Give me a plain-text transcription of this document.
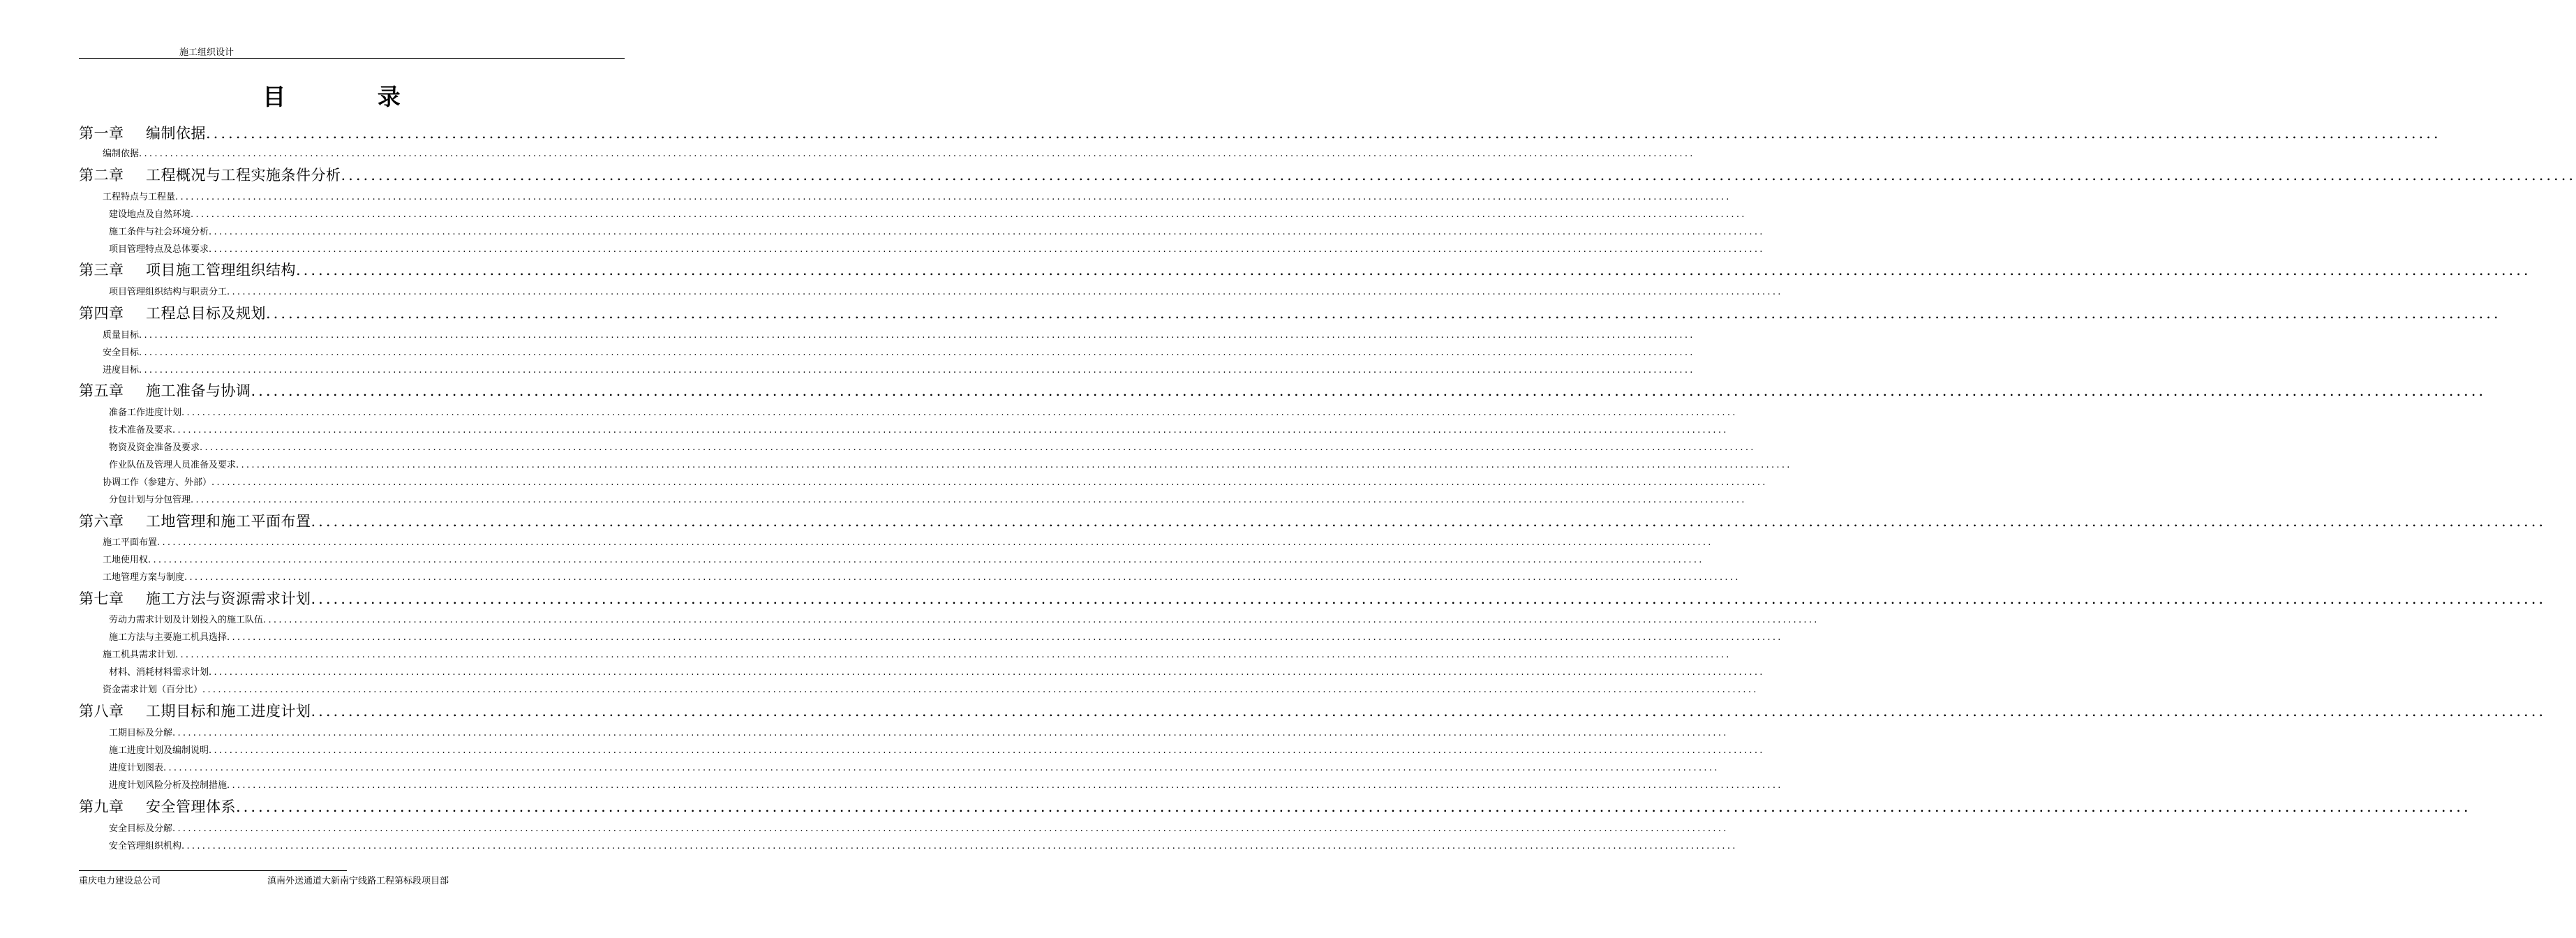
施工组织设计
目 录
第一章 编制依据 ............................................................................................................................................................................................................................................................................................................
编制依据 ............................................................................................................................................................................................................................................................................................................
第二章 工程概况与工程实施条件分析 ............................................................................................................................................................................................................................................................................................................
工程特点与工程量 ............................................................................................................................................................................................................................................................................................................
建设地点及自然环境 ............................................................................................................................................................................................................................................................................................................
施工条件与社会环境分析 ............................................................................................................................................................................................................................................................................................................
项目管理特点及总体要求 ............................................................................................................................................................................................................................................................................................................
第三章 项目施工管理组织结构 ............................................................................................................................................................................................................................................................................................................
项目管理组织结构与职责分工 ............................................................................................................................................................................................................................................................................................................
第四章 工程总目标及规划 ............................................................................................................................................................................................................................................................................................................
质量目标 ............................................................................................................................................................................................................................................................................................................
安全目标 ............................................................................................................................................................................................................................................................................................................
进度目标 ............................................................................................................................................................................................................................................................................................................
第五章 施工准备与协调 ............................................................................................................................................................................................................................................................................................................
准备工作进度计划 ............................................................................................................................................................................................................................................................................................................
技术准备及要求 ............................................................................................................................................................................................................................................................................................................
物资及资金准备及要求 ............................................................................................................................................................................................................................................................................................................
作业队伍及管理人员准备及要求 ............................................................................................................................................................................................................................................................................................................
协调工作（参建方、外部） ............................................................................................................................................................................................................................................................................................................
分包计划与分包管理 ............................................................................................................................................................................................................................................................................................................
第六章 工地管理和施工平面布置 ............................................................................................................................................................................................................................................................................................................
施工平面布置 ............................................................................................................................................................................................................................................................................................................
工地使用权 ............................................................................................................................................................................................................................................................................................................
工地管理方案与制度 ............................................................................................................................................................................................................................................................................................................
第七章 施工方法与资源需求计划 ............................................................................................................................................................................................................................................................................................................
劳动力需求计划及计划投入的施工队伍 ............................................................................................................................................................................................................................................................................................................
施工方法与主要施工机具选择 ............................................................................................................................................................................................................................................................................................................
施工机具需求计划 ............................................................................................................................................................................................................................................................................................................
材料、消耗材料需求计划 ............................................................................................................................................................................................................................................................................................................
资金需求计划（百分比） ............................................................................................................................................................................................................................................................................................................
第八章 工期目标和施工进度计划 ............................................................................................................................................................................................................................................................................................................
工期目标及分解 ............................................................................................................................................................................................................................................................................................................
施工进度计划及编制说明 ............................................................................................................................................................................................................................................................................................................
进度计划图表 ............................................................................................................................................................................................................................................................................................................
进度计划风险分析及控制措施 ............................................................................................................................................................................................................................................................................................................
第九章 安全管理体系 ............................................................................................................................................................................................................................................................................................................
安全目标及分解 ............................................................................................................................................................................................................................................................................................................
安全管理组织机构 ............................................................................................................................................................................................................................................................................................................
重庆电力建设总公司	滇南外送通道大新南宁线路工程第标段项目部
